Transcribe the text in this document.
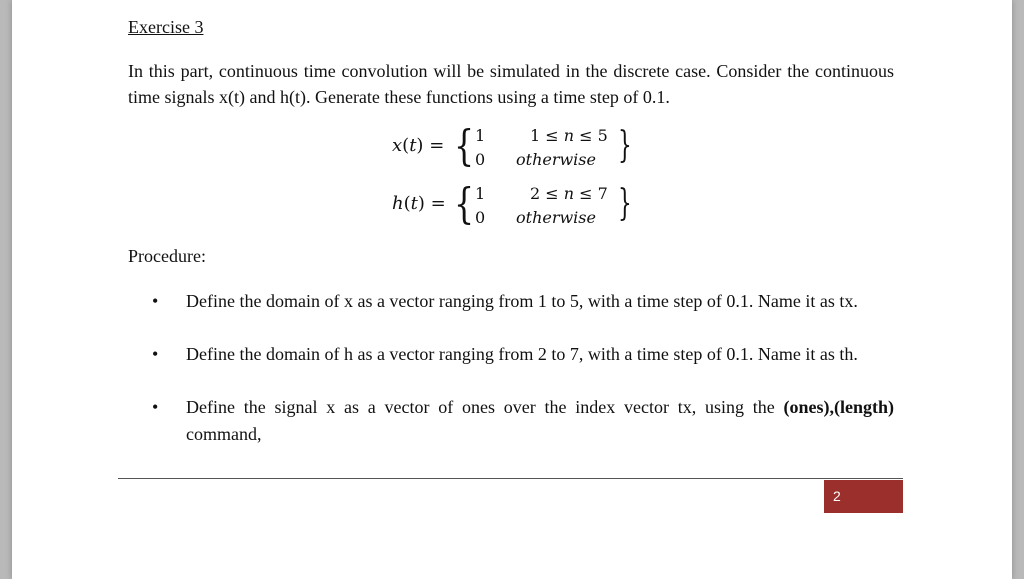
Exercise 3
In this part, continuous time convolution will be simulated in the discrete case. Consider the continuous time signals x(t) and h(t). Generate these functions using a time step of 0.1.
x(t) = { 1
0
1 ≤ 𝑛 ≤ 5
otherwise }
h(t) = { 1
0
2 ≤ 𝑛 ≤ 7
otherwise }
Procedure:
• Define the domain of x as a vector ranging from 1 to 5, with a time step of 0.1. Name it as tx.
• Define the domain of h as a vector ranging from 2 to 7, with a time step of 0.1. Name it as th.
• Define the signal x as a vector of ones over the index vector tx, using the (ones),(length) command,
2
